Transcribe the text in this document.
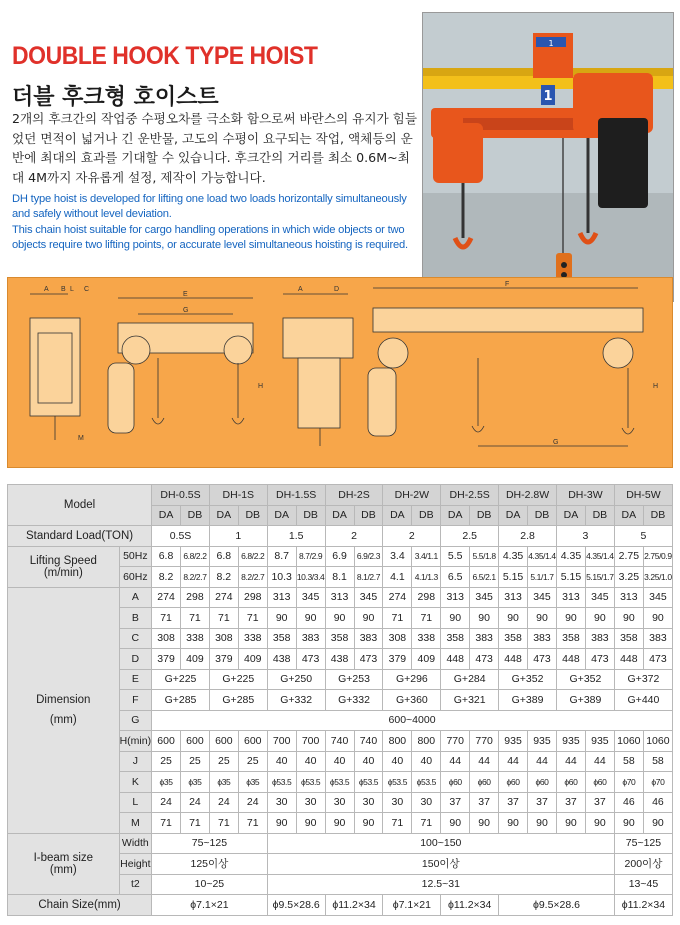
DOUBLE HOOK TYPE HOIST
더블 후크형 호이스트
2개의 후크간의 작업중 수평오차를 극소화 함으로써 바란스의 유지가 힘들었던 면적이 넓거나 긴 운반물, 고도의 수평이 요구되는 작업, 액체등의 운반에 최대의 효과를 기대할 수 있습니다. 후크간의 거리를 최소 0.6M~최대 4M까지 자유롭게 설정, 제작이 가능합니다.
DH type hoist is developed for lifting one load two loads horizontally simultaneously and safely without level deviation.
This chain hoist suitable for cargo handling operations in which wide objects or two objects require two lifting points, or accurate level simultaneous hoisting is required.
1
1
A B L C
M
E
G
H
A	D
F
G
H
Model		DH-0.5S		DH-1S		DH-1.5S		DH-2S		DH-2W		DH-2.5S		DH-2.8W		DH-3W		DH-5W	
		DA	DB	DA	DB	DA	DB	DA	DB	DA	DB	DA	DB	DA	DB	DA	DB	DA	DB
Standard Load(TON)		0.5S		1		1.5		2		2		2.5		2.8		3		5	

Lifting Speed
(m/min)	50Hz	6.8	6.8/2.2	6.8	6.8/2.2	8.7	8.7/2.9	6.9	6.9/2.3	3.4	3.4/1.1	5.5	5.5/1.8	4.35	4.35/1.4	4.35	4.35/1.4	2.75	2.75/0.9
	60Hz	8.2	8.2/2.7	8.2	8.2/2.7	10.3	10.3/3.4	8.1	8.1/2.7	4.1	4.1/1.3	6.5	6.5/2.1	5.15	5.1/1.7	5.15	5.15/1.7	3.25	3.25/1.0

Dimension
(mm)	A	274	298	274	298	313	345	313	345	274	298	313	345	313	345	313	345	313	345
	B	71	71	71	71	90	90	90	90	71	71	90	90	90	90	90	90	90	90
	C	308	338	308	338	358	383	358	383	308	338	358	383	358	383	358	383	358	383
	D	379	409	379	409	438	473	438	473	379	409	448	473	448	473	448	473	448	473
	E	G+225		G+225		G+250		G+253		G+296		G+284		G+352		G+352		G+372	
	F	G+285		G+285		G+332		G+332		G+360		G+321		G+389		G+389		G+440	
	G	600~4000																	
	H(min)	600	600	600	600	700	700	740	740	800	800	770	770	935	935	935	935	1060	1060
	J	25	25	25	25	40	40	40	40	40	40	44	44	44	44	44	44	58	58
	K	ϕ35	ϕ35	ϕ35	ϕ35	ϕ53.5	ϕ53.5	ϕ53.5	ϕ53.5	ϕ53.5	ϕ53.5	ϕ60	ϕ60	ϕ60	ϕ60	ϕ60	ϕ60	ϕ70	ϕ70
	L	24	24	24	24	30	30	30	30	30	30	37	37	37	37	37	37	46	46
	M	71	71	71	71	90	90	90	90	71	71	90	90	90	90	90	90	90	90

I-beam size
(mm)	Width	75~125				100~150												75~125	
	Height	125이상				150이상												200이상	
	t2	10~25				12.5~31												13~45	
Chain Size(mm)		ϕ7.1×21				ϕ9.5×28.6		ϕ11.2×34		ϕ7.1×21		ϕ11.2×34		ϕ9.5×28.6				ϕ11.2×34	
